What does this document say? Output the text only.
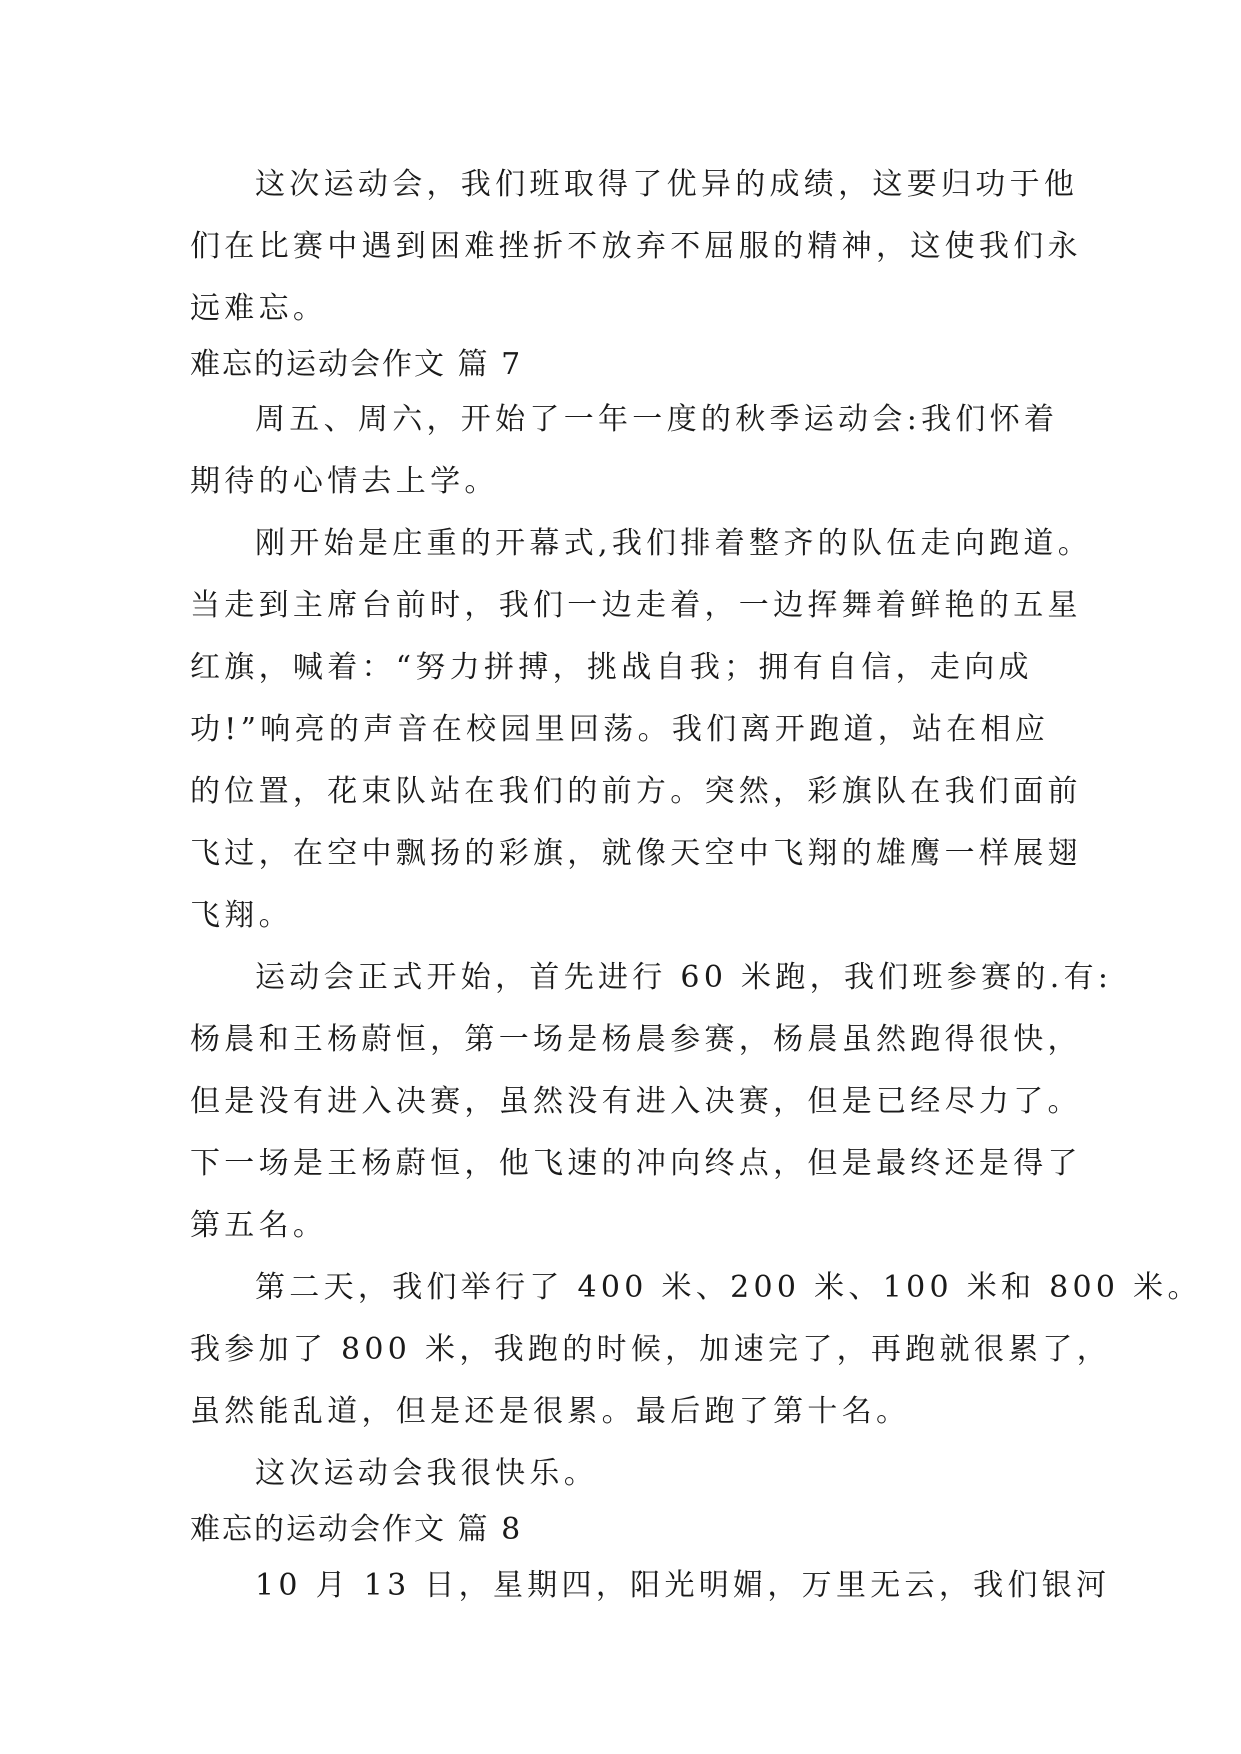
这次运动会，我们班取得了优异的成绩，这要归功于他
们在比赛中遇到困难挫折不放弃不屈服的精神，这使我们永
远难忘。
难忘的运动会作文 篇 7
周五、周六，开始了一年一度的秋季运动会:我们怀着
期待的心情去上学。
刚开始是庄重的开幕式,我们排着整齐的队伍走向跑道。
当走到主席台前时，我们一边走着，一边挥舞着鲜艳的五星
红旗，喊着：“努力拼搏，挑战自我；拥有自信，走向成
功!”响亮的声音在校园里回荡。我们离开跑道，站在相应
的位置，花束队站在我们的前方。突然，彩旗队在我们面前
飞过，在空中飘扬的彩旗，就像天空中飞翔的雄鹰一样展翅
飞翔。
运动会正式开始，首先进行 60 米跑，我们班参赛的.有:
杨晨和王杨蔚恒，第一场是杨晨参赛，杨晨虽然跑得很快，
但是没有进入决赛，虽然没有进入决赛，但是已经尽力了。
下一场是王杨蔚恒，他飞速的冲向终点，但是最终还是得了
第五名。
第二天，我们举行了 400 米、200 米、100 米和 800 米。
我参加了 800 米，我跑的时候，加速完了，再跑就很累了，
虽然能乱道，但是还是很累。最后跑了第十名。
这次运动会我很快乐。
难忘的运动会作文 篇 8
10 月 13 日，星期四，阳光明媚，万里无云，我们银河
